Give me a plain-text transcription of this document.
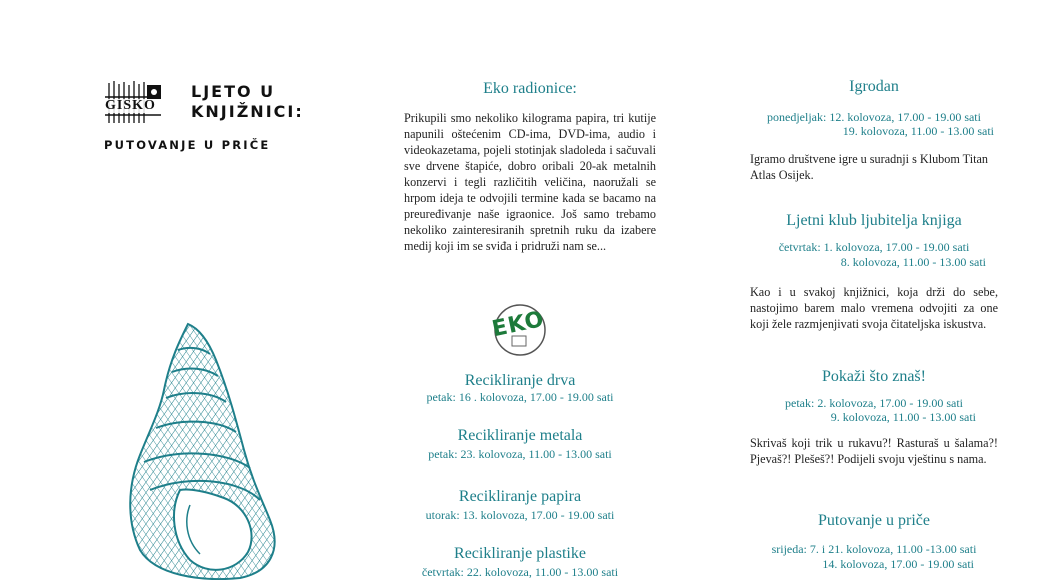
GISKO
LJETO U
KNJIŽNICI:
PUTOVANJE U PRIČE
Eko radionice:
Prikupili smo nekoliko kilograma papira, tri kutije napunili oštećenim CD-ima, DVD-ima, audio i videokazetama, pojeli stotinjak sladoleda i sačuvali sve drvene štapiće, dobro oribali 20-ak metalnih konzervi i tegli različitih veličina, naoružali se hrpom ideja te odvojili termine kada se bacamo na preuređivanje naše igraonice. Još samo trebamo nekoliko zainteresiranih spretnih ruku da izabere medij koji im se sviđa i pridruži nam se...
EKO
Recikliranje drva
petak: 16 . kolovoza, 17.00 - 19.00 sati
Recikliranje metala
petak: 23. kolovoza, 11.00 - 13.00 sati
Recikliranje papira
utorak: 13. kolovoza, 17.00 - 19.00 sati
Recikliranje plastike
četvrtak: 22. kolovoza, 11.00 - 13.00 sati
Igrodan
ponedjeljak: 12. kolovoza, 17.00 - 19.00 sati
19. kolovoza, 11.00 - 13.00 sati
Igramo društvene igre u suradnji s Klubom Titan Atlas Osijek.
Ljetni klub ljubitelja knjiga
četvrtak: 1. kolovoza, 17.00 - 19.00 sati
8. kolovoza, 11.00 - 13.00 sati
Kao i u svakoj knjižnici, koja drži do sebe, nastojimo barem malo vremena odvojiti za one koji žele razmjenjivati svoja čitateljska iskustva.
Pokaži što znaš!
petak: 2. kolovoza, 17.00 - 19.00 sati
9. kolovoza, 11.00 - 13.00 sati
Skrivaš koji trik u rukavu?! Rasturaš u šalama?! Pjevaš?! Plešeš?! Podijeli svoju vještinu s nama.
Putovanje u priče
srijeda: 7. i 21. kolovoza, 11.00 -13.00 sati
14. kolovoza, 17.00 - 19.00 sati
